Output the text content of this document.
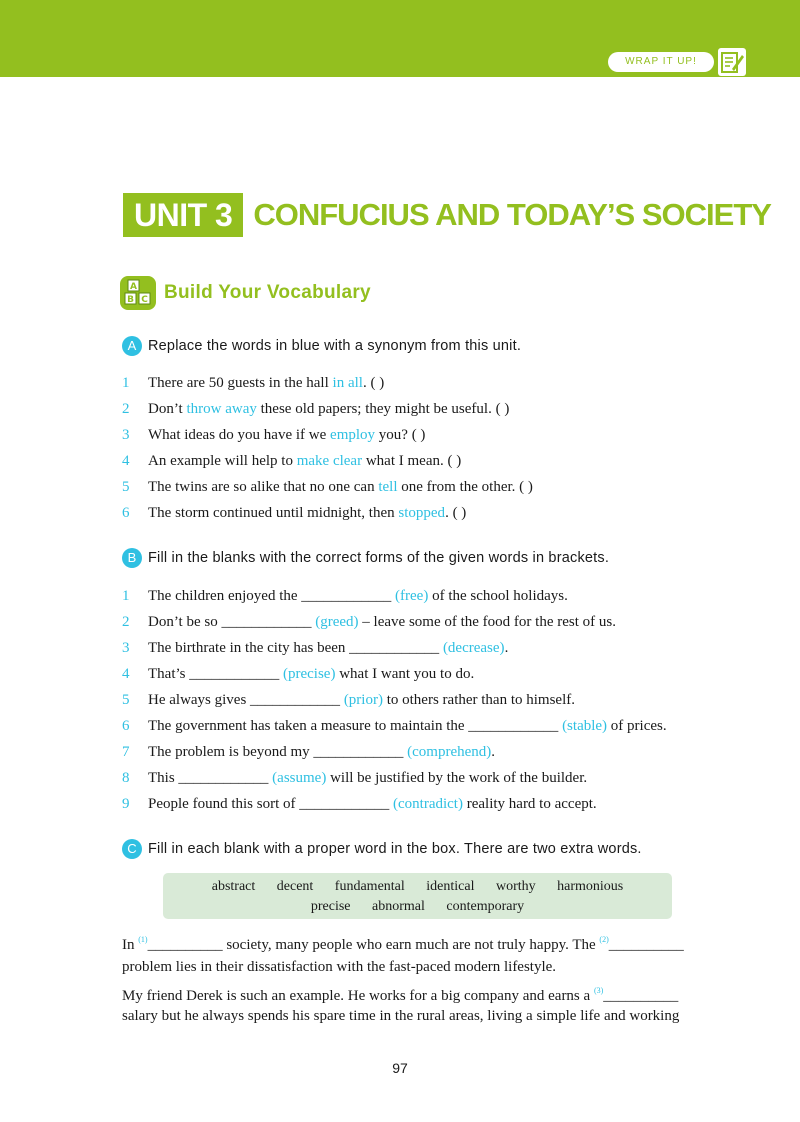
WRAP IT UP!
UNIT 3 CONFUCIUS AND TODAY’S SOCIETY
A
B C Build Your Vocabulary
A Replace the words in blue with a synonym from this unit.
1 There are 50 guests in the hall in all. ( )
2 Don’t throw away these old papers; they might be useful. ( )
3 What ideas do you have if we employ you? ( )
4 An example will help to make clear what I mean. ( )
5 The twins are so alike that no one can tell one from the other. ( )
6 The storm continued until midnight, then stopped. ( )
B Fill in the blanks with the correct forms of the given words in brackets.
1 The children enjoyed the ____________ (free) of the school holidays.
2 Don’t be so ____________ (greed) – leave some of the food for the rest of us.
3 The birthrate in the city has been ____________ (decrease).
4 That’s ____________ (precise) what I want you to do.
5 He always gives ____________ (prior) to others rather than to himself.
6 The government has taken a measure to maintain the ____________ (stable) of prices.
7 The problem is beyond my ____________ (comprehend).
8 This ____________ (assume) will be justified by the work of the builder.
9 People found this sort of ____________ (contradict) reality hard to accept.
C Fill in each blank with a proper word in the box. There are two extra words.
abstract decent fundamental identical worthy harmonious
precise abnormal contemporary
In $^{(1)}$__________ society, many people who earn much are not truly happy. The $^{(2)}$__________
problem lies in their dissatisfaction with the fast-paced modern lifestyle.
My friend Derek is such an example. He works for a big company and earns a $^{(3)}$__________
salary but he always spends his spare time in the rural areas, living a simple life and working
97
